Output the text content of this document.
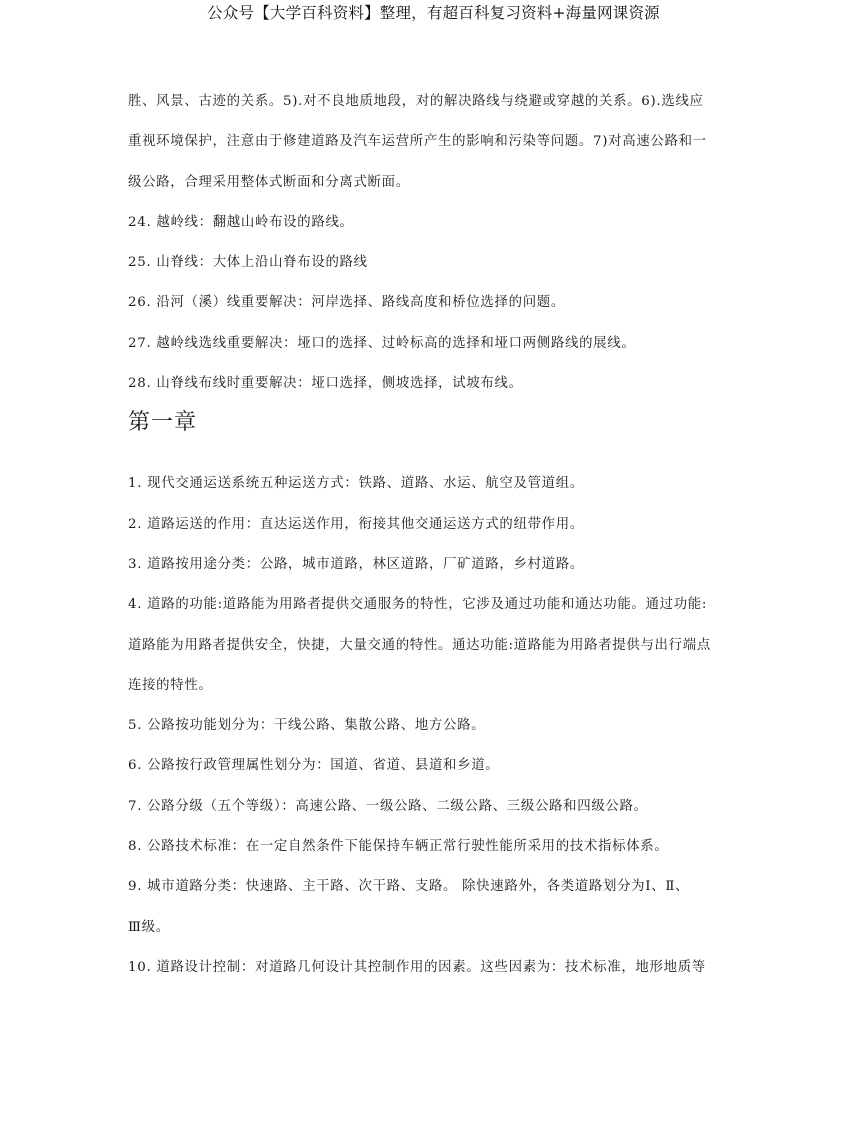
公众号【大学百科资料】整理，有超百科复习资料+海量网课资源
胜、风景、古迹的关系。5).对不良地质地段，对的解决路线与绕避或穿越的关系。6).选线应
重视环境保护，注意由于修建道路及汽车运营所产生的影响和污染等问题。7)对高速公路和一
级公路，合理采用整体式断面和分离式断面。
24. 越岭线：翻越山岭布设的路线。
25. 山脊线：大体上沿山脊布设的路线
26. 沿河（溪）线重要解决：河岸选择、路线高度和桥位选择的问题。
27. 越岭线选线重要解决：垭口的选择、过岭标高的选择和垭口两侧路线的展线。
28. 山脊线布线时重要解决：垭口选择，侧坡选择，试坡布线。
第一章
1. 现代交通运送系统五种运送方式：铁路、道路、水运、航空及管道组。
2. 道路运送的作用：直达运送作用，衔接其他交通运送方式的纽带作用。
3. 道路按用途分类：公路，城市道路，林区道路，厂矿道路，乡村道路。
4. 道路的功能:道路能为用路者提供交通服务的特性，它涉及通过功能和通达功能。通过功能:
道路能为用路者提供安全，快捷，大量交通的特性。通达功能:道路能为用路者提供与出行端点
连接的特性。
5. 公路按功能划分为：干线公路、集散公路、地方公路。
6. 公路按行政管理属性划分为：国道、省道、县道和乡道。
7. 公路分级（五个等级）：高速公路、一级公路、二级公路、三级公路和四级公路。
8. 公路技术标准：在一定自然条件下能保持车辆正常行驶性能所采用的技术指标体系。
9. 城市道路分类：快速路、主干路、次干路、支路。 除快速路外，各类道路划分为Ⅰ、Ⅱ、
Ⅲ级。
10. 道路设计控制：对道路几何设计其控制作用的因素。这些因素为：技术标准，地形地质等
